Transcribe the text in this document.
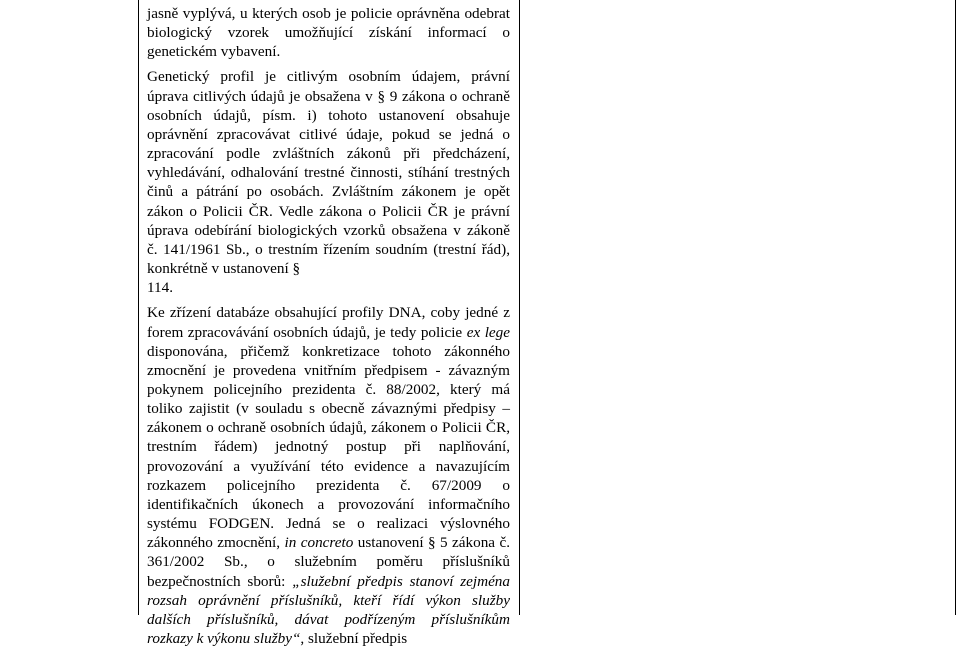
jasně vyplývá, u kterých osob je policie oprávněna odebrat biologický vzorek umožňující získání informací o genetickém vybavení.

Genetický profil je citlivým osobním údajem, právní úprava citlivých údajů je obsažena v § 9 zákona o ochraně osobních údajů, písm. i) tohoto ustanovení obsahuje oprávnění zpracovávat citlivé údaje, pokud se jedná o zpracování podle zvláštních zákonů při předcházení, vyhledávání, odhalování trestné činnosti, stíhání trestných činů a pátrání po osobách. Zvláštním zákonem je opět zákon o Policii ČR. Vedle zákona o Policii ČR je právní úprava odebírání biologických vzorků obsažena v zákoně č. 141/1961 Sb., o trestním řízením soudním (trestní řád), konkrétně v ustanovení §
114.

Ke zřízení databáze obsahující profily DNA, coby jedné z forem zpracovávání osobních údajů, je tedy policie ex lege disponována, přičemž konkretizace tohoto zákonného zmocnění je provedena vnitřním předpisem - závazným pokynem policejního prezidenta č. 88/2002, který má toliko zajistit (v souladu s obecně závaznými předpisy – zákonem o ochraně osobních údajů, zákonem o Policii ČR, trestním řádem) jednotný postup při naplňování, provozování a využívání této evidence a navazujícím rozkazem policejního prezidenta č. 67/2009 o identifikačních úkonech a provozování informačního systému FODGEN. Jedná se o realizaci výslovného zákonného zmocnění, in concreto ustanovení § 5 zákona č. 361/2002 Sb., o služebním poměru příslušníků bezpečnostních sborů: „služební předpis stanoví zejména rozsah oprávnění příslušníků, kteří řídí výkon služby dalších příslušníků, dávat podřízeným příslušníkům rozkazy k výkonu služby“, služební předpis
